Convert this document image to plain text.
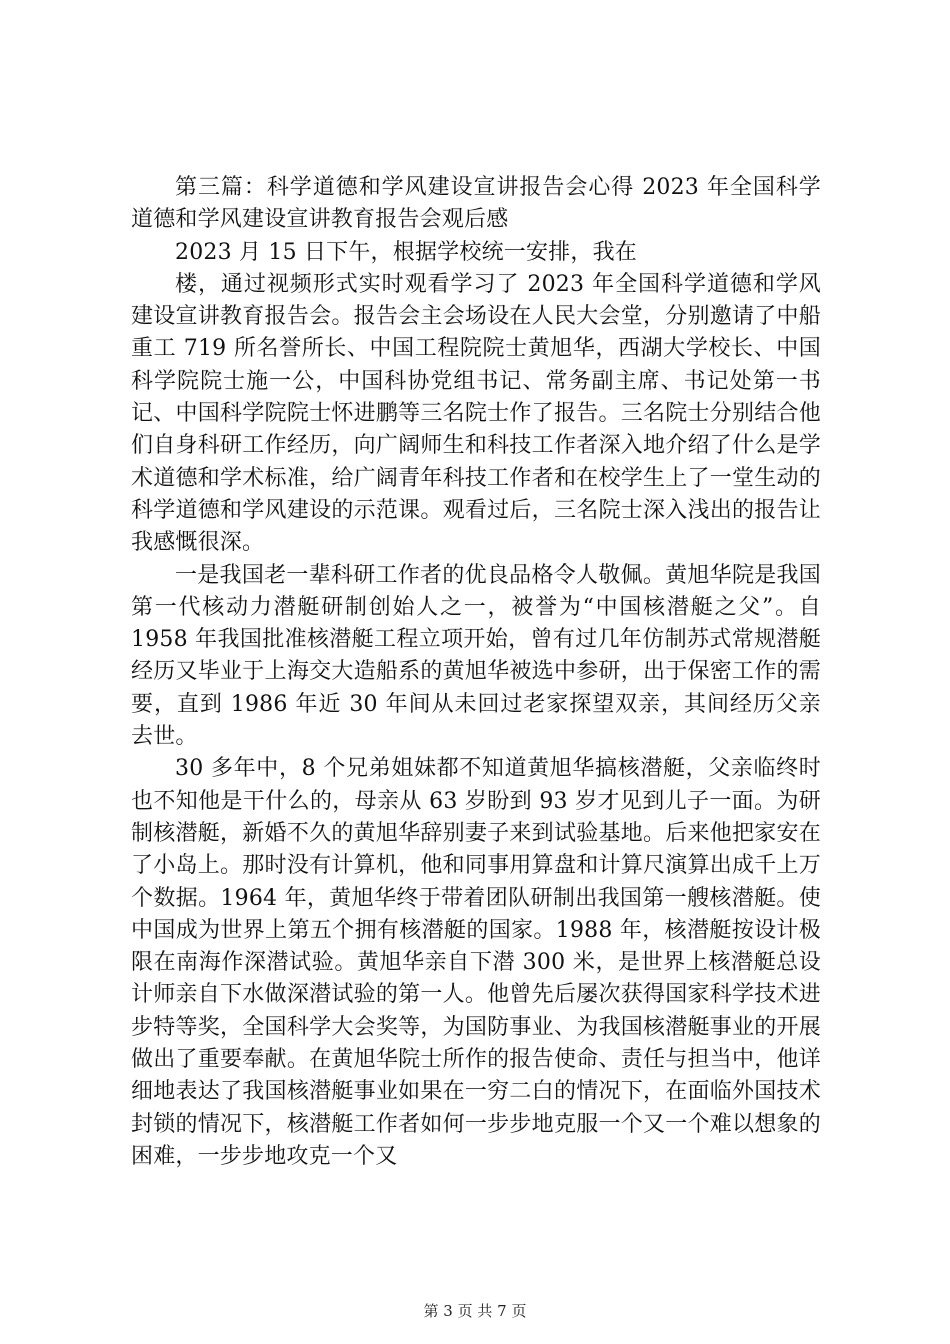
第三篇：科学道德和学风建设宣讲报告会心得 2023 年全国科学道德和学风建设宣讲教育报告会观后感

2023 月 15 日下午，根据学校统一安排，我在

楼，通过视频形式实时观看学习了 2023 年全国科学道德和学风建设宣讲教育报告会。报告会主会场设在人民大会堂，分别邀请了中船重工 719 所名誉所长、中国工程院院士黄旭华，西湖大学校长、中国科学院院士施一公，中国科协党组书记、常务副主席、书记处第一书记、中国科学院院士怀进鹏等三名院士作了报告。三名院士分别结合他们自身科研工作经历，向广阔师生和科技工作者深入地介绍了什么是学术道德和学术标准，给广阔青年科技工作者和在校学生上了一堂生动的科学道德和学风建设的示范课。观看过后，三名院士深入浅出的报告让我感慨很深。

一是我国老一辈科研工作者的优良品格令人敬佩。黄旭华院是我国第一代核动力潜艇研制创始人之一，被誉为“中国核潜艇之父”。自 1958 年我国批准核潜艇工程立项开始，曾有过几年仿制苏式常规潜艇经历又毕业于上海交大造船系的黄旭华被选中参研，出于保密工作的需要，直到 1986 年近 30 年间从未回过老家探望双亲，其间经历父亲去世。

30 多年中，8 个兄弟姐妹都不知道黄旭华搞核潜艇，父亲临终时也不知他是干什么的，母亲从 63 岁盼到 93 岁才见到儿子一面。为研制核潜艇，新婚不久的黄旭华辞别妻子来到试验基地。后来他把家安在了小岛上。那时没有计算机，他和同事用算盘和计算尺演算出成千上万个数据。1964 年，黄旭华终于带着团队研制出我国第一艘核潜艇。使中国成为世界上第五个拥有核潜艇的国家。1988 年，核潜艇按设计极限在南海作深潜试验。黄旭华亲自下潜 300 米，是世界上核潜艇总设计师亲自下水做深潜试验的第一人。他曾先后屡次获得国家科学技术进步特等奖，全国科学大会奖等，为国防事业、为我国核潜艇事业的开展做出了重要奉献。在黄旭华院士所作的报告使命、责任与担当中，他详细地表达了我国核潜艇事业如果在一穷二白的情况下，在面临外国技术封锁的情况下，核潜艇工作者如何一步步地克服一个又一个难以想象的困难，一步步地攻克一个又

第 3 页 共 7 页
